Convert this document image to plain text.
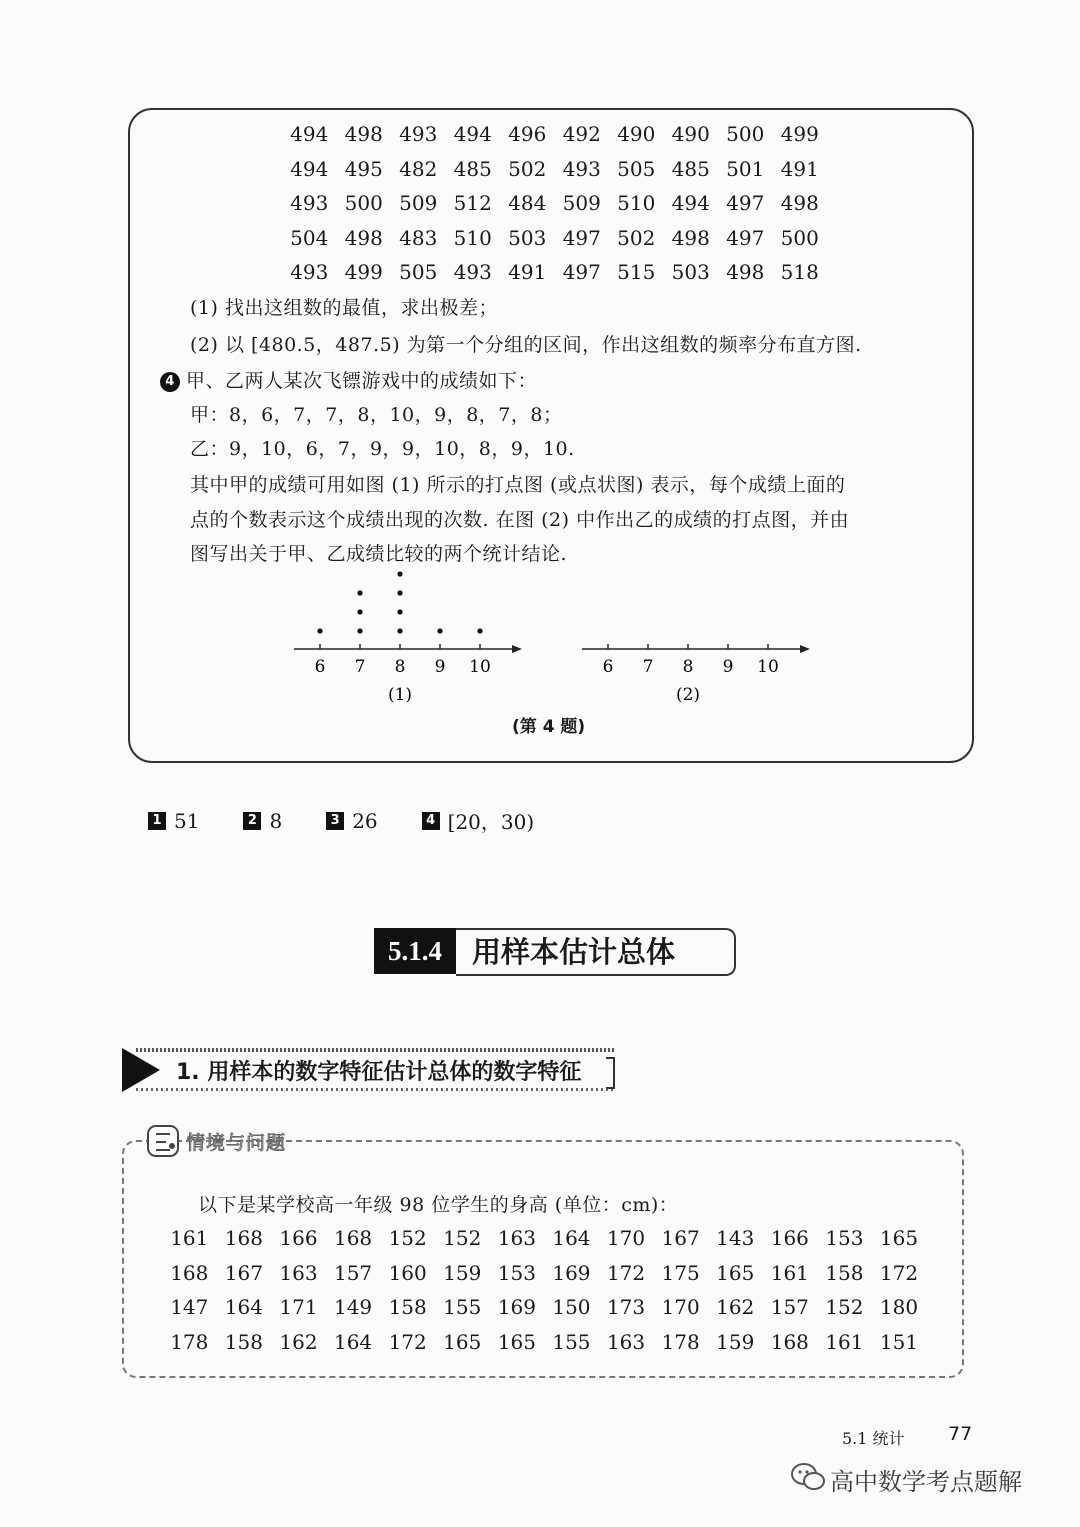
494 498 493 494 496 492 490 490 500 499
494 495 482 485 502 493 505 485 501 491
493 500 509 512 484 509 510 494 497 498
504 498 483 510 503 497 502 498 497 500
493 499 505 493 491 497 515 503 498 518
(1) 找出这组数的最值，求出极差；
(2) 以 [480.5，487.5) 为第一个分组的区间，作出这组数的频率分布直方图.
4 甲、乙两人某次飞镖游戏中的成绩如下：
甲：8，6，7，7，8，10，9，8，7，8；
乙：9，10，6，7，9，9，10，8，9，10.
其中甲的成绩可用如图 (1) 所示的打点图 (或点状图) 表示，每个成绩上面的
点的个数表示这个成绩出现的次数. 在图 (2) 中作出乙的成绩的打点图，并由
图写出关于甲、乙成绩比较的两个统计结论.
6 7 8 9 10
(1)
6 7 8 9 10
(2)
(第 4 题)
1 51	2 8	3 26	4 [20，30)
5.1.4	用样本估计总体
1. 用样本的数字特征估计总体的数字特征
情境与问题
以下是某学校高一年级 98 位学生的身高 (单位：cm)：
161 168 166 168 152 152 163 164 170 167 143 166 153 165
168 167 163 157 160 159 153 169 172 175 165 161 158 172
147 164 171 149 158 155 169 150 173 170 162 157 152 180
178 158 162 164 172 165 165 155 163 178 159 168 161 151
5.1 统计 77
高中数学考点题解
